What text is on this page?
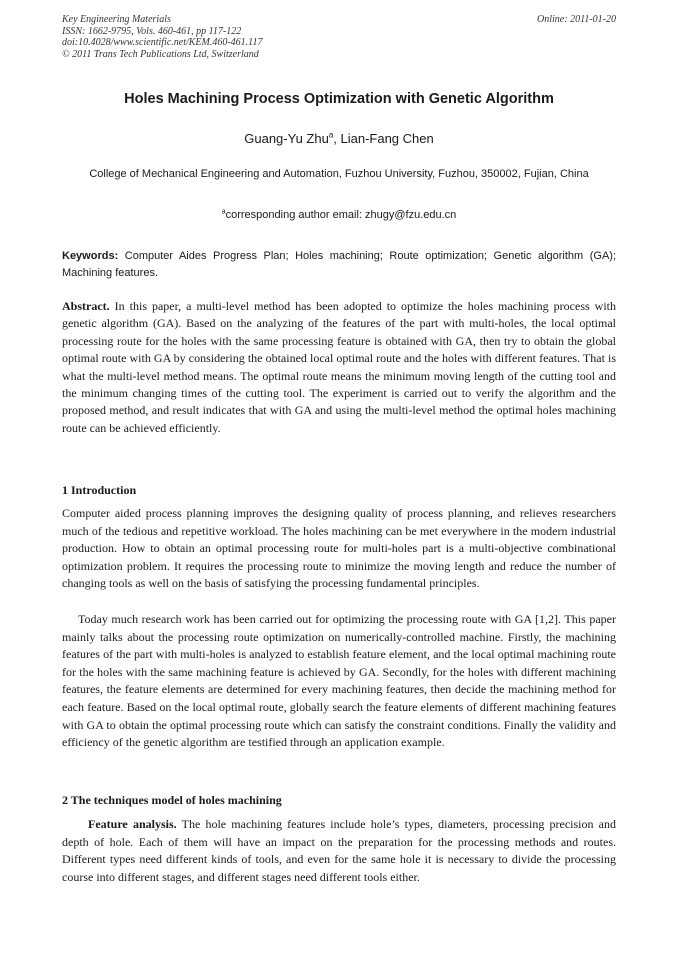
Key Engineering Materials
ISSN: 1662-9795, Vols. 460-461, pp 117-122
doi:10.4028/www.scientific.net/KEM.460-461.117
© 2011 Trans Tech Publications Ltd, Switzerland
Online: 2011-01-20
Holes Machining Process Optimization with Genetic Algorithm
Guang-Yu Zhu$^a$, Lian-Fang Chen
College of Mechanical Engineering and Automation, Fuzhou University, Fuzhou, 350002, Fujian, China
$^a$corresponding author email: zhugy@fzu.edu.cn
Keywords: Computer Aides Progress Plan; Holes machining; Route optimization; Genetic algorithm (GA); Machining features.

Abstract. In this paper, a multi-level method has been adopted to optimize the holes machining process with genetic algorithm (GA). Based on the analyzing of the features of the part with multi-holes, the local optimal processing route for the holes with the same processing feature is obtained with GA, then try to obtain the global optimal route with GA by considering the obtained local optimal route and the holes with different features. That is what the multi-level method means. The optimal route means the minimum moving length of the cutting tool and the minimum changing times of the cutting tool. The experiment is carried out to verify the algorithm and the proposed method, and result indicates that with GA and using the multi-level method the optimal holes machining route can be achieved efficiently.

1 Introduction

Computer aided process planning improves the designing quality of process planning, and relieves researchers much of the tedious and repetitive workload. The holes machining can be met everywhere in the modern industrial production. How to obtain an optimal processing route for multi-holes part is a multi-objective combinational optimization problem. It requires the processing route to minimize the moving length and reduce the number of changing tools as well on the basis of satisfying the processing fundamental principles.

Today much research work has been carried out for optimizing the processing route with GA [1,2]. This paper mainly talks about the processing route optimization on numerically-controlled machine. Firstly, the machining features of the part with multi-holes is analyzed to establish feature element, and the local optimal machining route for the holes with the same machining feature is achieved by GA. Secondly, for the holes with different machining features, the feature elements are determined for every machining features, then decide the machining method for each feature. Based on the local optimal route, globally search the feature elements of different machining features with GA to obtain the optimal processing route which can satisfy the constraint conditions. Finally the validity and efficiency of the genetic algorithm are testified through an application example.

2 The techniques model of holes machining

Feature analysis. The hole machining features include hole’s types, diameters, processing precision and depth of hole. Each of them will have an impact on the preparation for the processing methods and routes. Different types need different kinds of tools, and even for the same hole it is necessary to divide the processing course into different stages, and different stages need different tools either.
